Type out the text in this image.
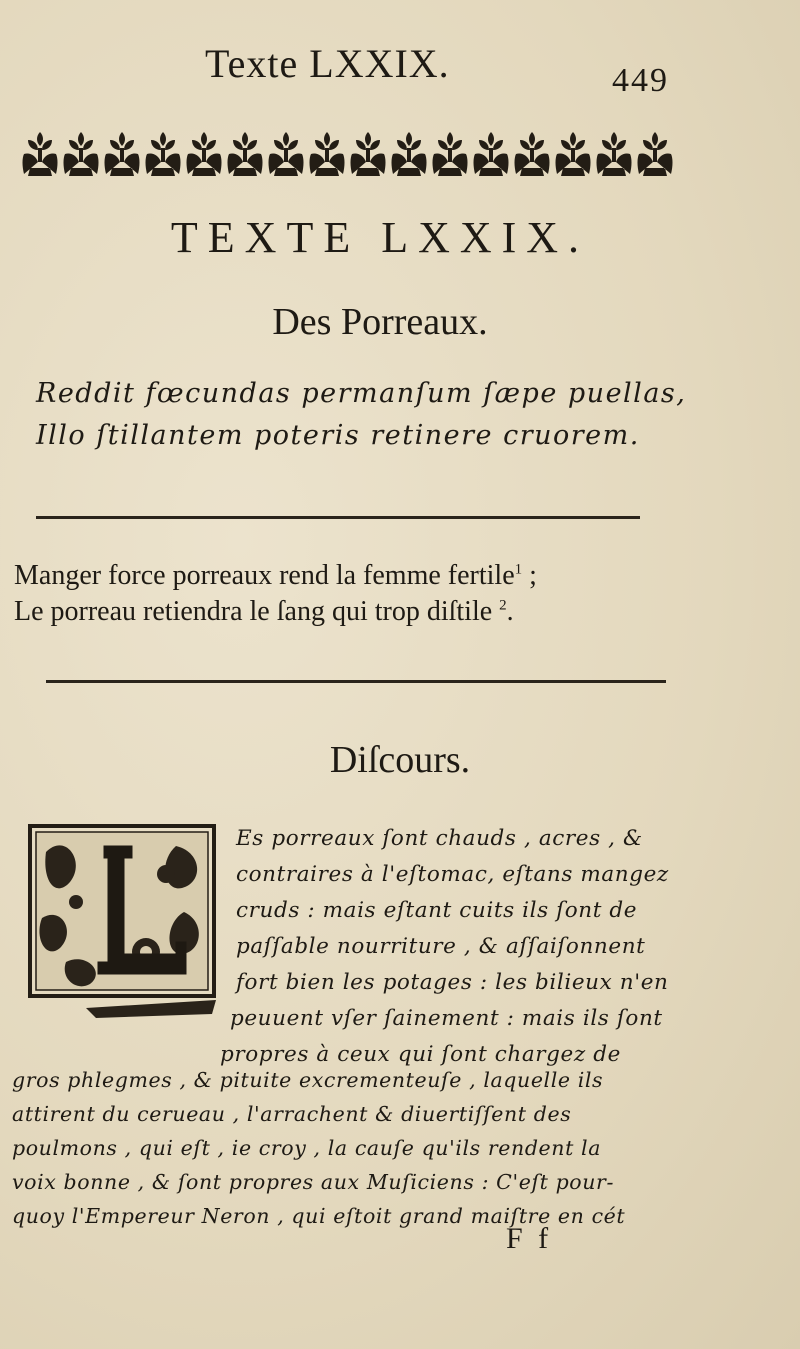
Texte LXXIX.	449
TEXTE LXXIX.
Des Porreaux.
Reddit fœcundas permanſum ſæpe puellas,
Illo ſtillantem poteris retinere cruorem.
Manger force porreaux rend la femme fertile$^1$ ;
Le porreau retiendra le ſang qui trop diſtile $^2$.
Diſcours.
Es porreaux ſont chauds , acres , &
contraires à l'eſtomac, eſtans mangez
cruds : mais eſtant cuits ils ſont de
paſſable nourriture , & aſſaiſonnent
fort bien les potages : les bilieux n'en
peuuent vſer ſainement : mais ils ſont
propres à ceux qui ſont chargez de
gros phlegmes , & pituite excrementeuſe , laquelle ils
attirent du cerueau , l'arrachent & diuertiſſent des
poulmons , qui eſt , ie croy , la cauſe qu'ils rendent la
voix bonne , & ſont propres aux Muſiciens : C'eſt pour-
quoy l'Empereur Neron , qui eſtoit grand maiſtre en cét
F f
